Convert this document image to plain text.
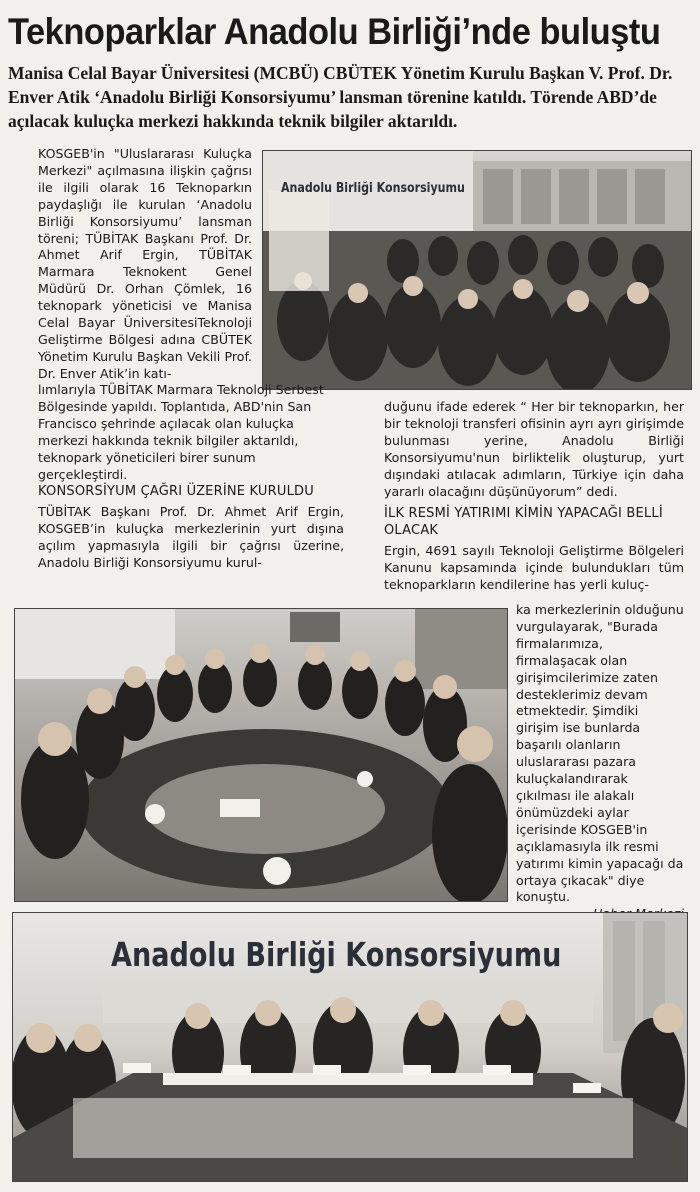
Teknoparklar Anadolu Birliği’nde buluştu

Manisa Celal Bayar Üniversitesi (MCBÜ) CBÜTEK Yönetim Kurulu Başkan V. Prof. Dr. Enver Atik ‘Anadolu Birliği Konsorsiyumu’ lansman törenine katıldı. Törende ABD’de açılacak kuluçka merkezi hakkında teknik bilgiler aktarıldı.

KOSGEB'in "Uluslararası Kuluçka Merkezi" açılmasına ilişkin çağrısı ile ilgili olarak 16 Teknoparkın paydaşlığı ile kurulan ‘Anadolu Birliği Konsorsiyumu’ lansman töreni; TÜBİTAK Başkanı Prof. Dr. Ahmet Arif Ergin, TÜBİTAK Marmara Teknokent Genel Müdürü Dr. Orhan Çömlek, 16 teknopark yöneticisi ve Manisa Celal Bayar ÜniversitesiTeknoloji Geliştirme Bölgesi adına CBÜTEK Yönetim Kurulu Başkan Vekili Prof. Dr. Enver Atik’in katı-

Anadolu Birliği Konsorsiyumu

lımlarıyla TÜBİTAK Marmara Teknoloji Serbest Bölgesinde yapıldı. Toplantıda, ABD'nin San Francisco şehrinde açılacak olan kuluçka merkezi hakkında teknik bilgiler aktarıldı, teknopark yöneticileri birer sunum gerçekleştirdi.

KONSORSİYUM ÇAĞRI ÜZERİNE KURULDU

TÜBİTAK Başkanı Prof. Dr. Ahmet Arif Ergin, KOSGEB’in kuluçka merkezlerinin yurt dışına açılım yapmasıyla ilgili bir çağrısı üzerine, Anadolu Birliği Konsorsiyumu kurul-

duğunu ifade ederek “ Her bir teknoparkın, her bir teknoloji transferi ofisinin ayrı ayrı girişimde bulunması yerine, Anadolu Birliği Konsorsiyumu'nun birliktelik oluşturup, yurt dışındaki atılacak adımların, Türkiye için daha yararlı olacağını düşünüyorum” dedi.

İLK RESMİ YATIRIMI KİMİN YAPACAĞI BELLİ OLACAK

Ergin, 4691 sayılı Teknoloji Geliştirme Bölgeleri Kanunu kapsamında içinde bulundukları tüm teknoparkların kendilerine has yerli kuluç-

ka merkezlerinin olduğunu vurgulayarak, "Burada firmalarımıza, firmalaşacak olan girişimcilerimize zaten desteklerimiz devam etmektedir. Şimdiki girişim ise bunlarda başarılı olanların uluslararası pazara kuluçkalandırarak çıkılması ile alakalı önümüzdeki aylar içerisinde KOSGEB'in açıklamasıyla ilk resmi yatırımı kimin yapacağı da ortaya çıkacak" diye konuştu.

Anadolu Birliği Konsorsiyumu
